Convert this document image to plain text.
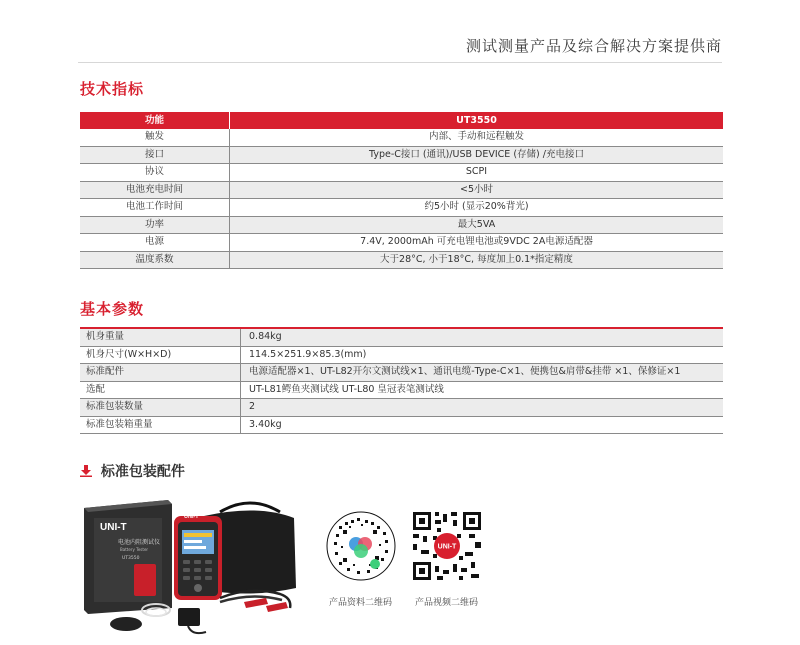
测试测量产品及综合解决方案提供商
技术指标
功能	UT3550
触发	内部、手动和远程触发
接口	Type-C接口 (通讯)/USB DEVICE (存储) /充电接口
协议	SCPI
电池充电时间	<5小时
电池工作时间	约5小时 (显示20%背光)
功率	最大5VA
电源	7.4V, 2000mAh 可充电锂电池或9VDC 2A电源适配器
温度系数	大于28°C, 小于18°C, 每度加上0.1*指定精度
基本参数
机身重量	0.84kg
机身尺寸(W×H×D)	114.5×251.9×85.3(mm)
标准配件	电源适配器×1、UT-L82开尔文测试线×1、通讯电缆-Type-C×1、便携包&肩带&挂带 ×1、保修证×1
选配	UT-L81鳄鱼夹测试线 UT-L80 皇冠表笔测试线
标准包装数量	2
标准包装箱重量	3.40kg
标准包装配件
UNI-T
电池内阻测试仪
Battery Tester
UT3550
UNI-T
产品资料二维码
UNI-T
产品视频二维码
